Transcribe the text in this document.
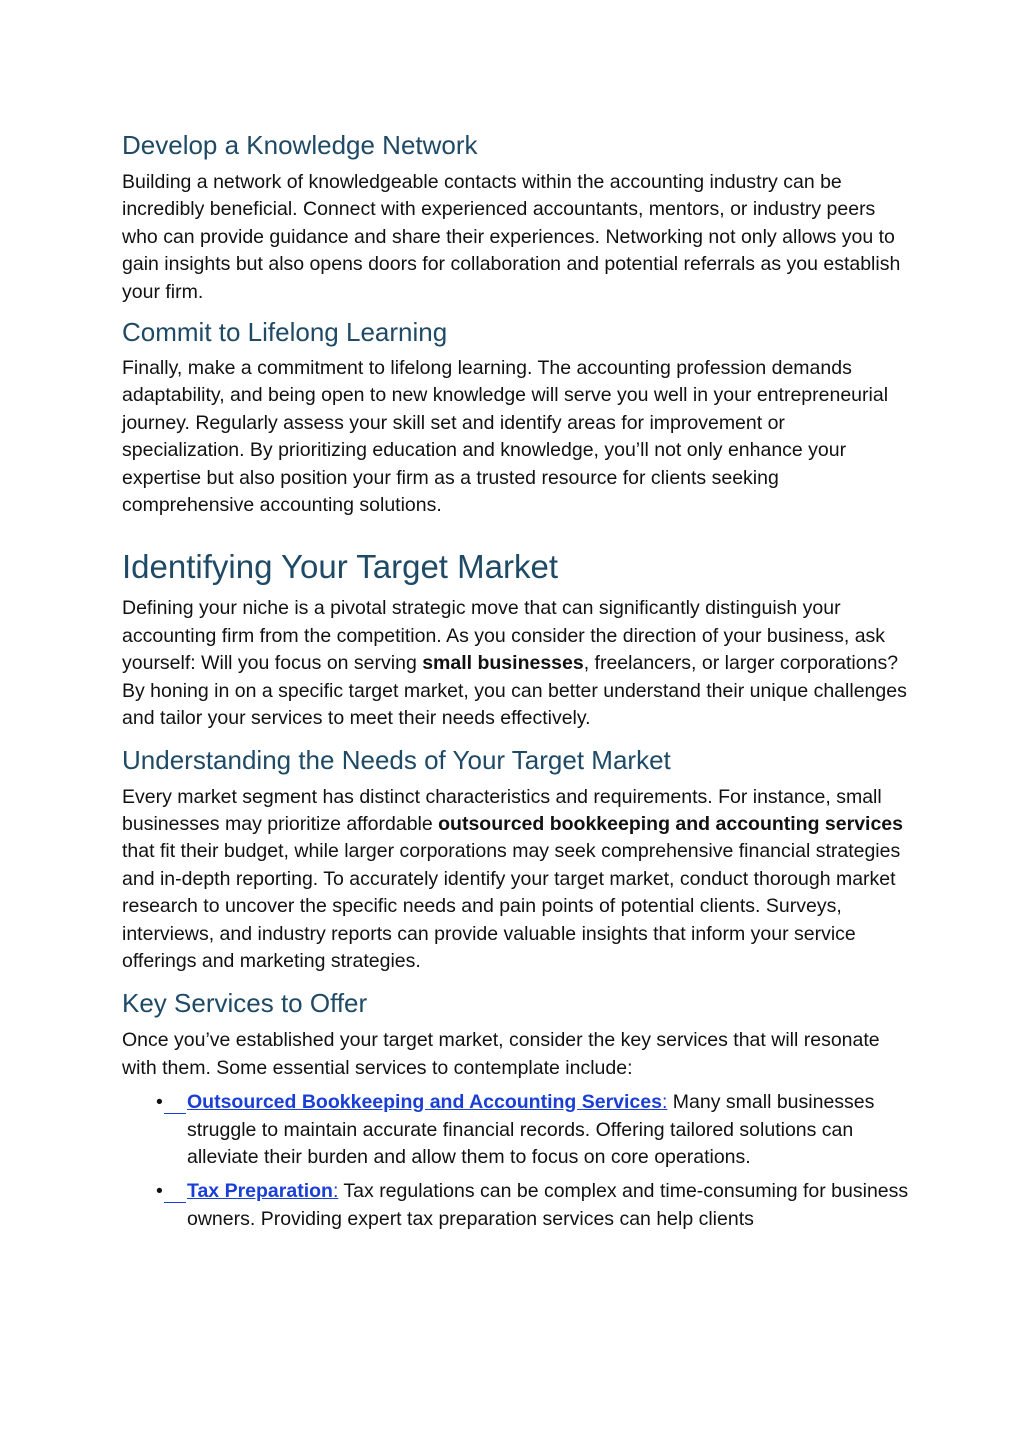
Develop a Knowledge Network

Building a network of knowledgeable contacts within the accounting industry can be incredibly beneficial. Connect with experienced accountants, mentors, or industry peers who can provide guidance and share their experiences. Networking not only allows you to gain insights but also opens doors for collaboration and potential referrals as you establish your firm.

Commit to Lifelong Learning

Finally, make a commitment to lifelong learning. The accounting profession demands adaptability, and being open to new knowledge will serve you well in your entrepreneurial journey. Regularly assess your skill set and identify areas for improvement or specialization. By prioritizing education and knowledge, you’ll not only enhance your expertise but also position your firm as a trusted resource for clients seeking comprehensive accounting solutions.

Identifying Your Target Market

Defining your niche is a pivotal strategic move that can significantly distinguish your accounting firm from the competition. As you consider the direction of your business, ask yourself: Will you focus on serving small businesses, freelancers, or larger corporations? By honing in on a specific target market, you can better understand their unique challenges and tailor your services to meet their needs effectively.

Understanding the Needs of Your Target Market

Every market segment has distinct characteristics and requirements. For instance, small businesses may prioritize affordable outsourced bookkeeping and accounting services that fit their budget, while larger corporations may seek comprehensive financial strategies and in-depth reporting. To accurately identify your target market, conduct thorough market research to uncover the specific needs and pain points of potential clients. Surveys, interviews, and industry reports can provide valuable insights that inform your service offerings and marketing strategies.

Key Services to Offer

Once you’ve established your target market, consider the key services that will resonate with them. Some essential services to contemplate include:

• Outsourced Bookkeeping and Accounting Services: Many small businesses struggle to maintain accurate financial records. Offering tailored solutions can alleviate their burden and allow them to focus on core operations.
• Tax Preparation: Tax regulations can be complex and time-consuming for business owners. Providing expert tax preparation services can help clients
